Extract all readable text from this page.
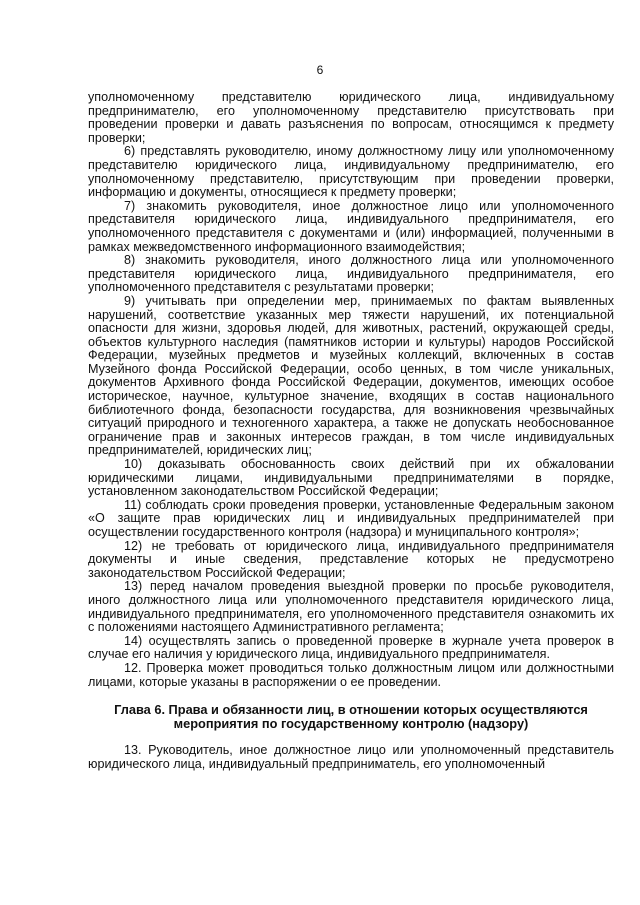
6

уполномоченному представителю юридического лица, индивидуальному предпринимателю, его уполномоченному представителю присутствовать при проведении проверки и давать разъяснения по вопросам, относящимся к предмету проверки;

6) представлять руководителю, иному должностному лицу или уполномоченному представителю юридического лица, индивидуальному предпринимателю, его уполномоченному представителю, присутствующим при проведении проверки, информацию и документы, относящиеся к предмету проверки;

7) знакомить руководителя, иное должностное лицо или уполномоченного представителя юридического лица, индивидуального предпринимателя, его уполномоченного представителя с документами и (или) информацией, полученными в рамках межведомственного информационного взаимодействия;

8) знакомить руководителя, иного должностного лица или уполномоченного представителя юридического лица, индивидуального предпринимателя, его уполномоченного представителя с результатами проверки;

9) учитывать при определении мер, принимаемых по фактам выявленных нарушений, соответствие указанных мер тяжести нарушений, их потенциальной опасности для жизни, здоровья людей, для животных, растений, окружающей среды, объектов культурного наследия (памятников истории и культуры) народов Российской Федерации, музейных предметов и музейных коллекций, включенных в состав Музейного фонда Российской Федерации, особо ценных, в том числе уникальных, документов Архивного фонда Российской Федерации, документов, имеющих особое историческое, научное, культурное значение, входящих в состав национального библиотечного фонда, безопасности государства, для возникновения чрезвычайных ситуаций природного и техногенного характера, а также не допускать необоснованное ограничение прав и законных интересов граждан, в том числе индивидуальных предпринимателей, юридических лиц;

10) доказывать обоснованность своих действий при их обжаловании юридическими лицами, индивидуальными предпринимателями в порядке, установленном законодательством Российской Федерации;

11) соблюдать сроки проведения проверки, установленные Федеральным законом «О защите прав юридических лиц и индивидуальных предпринимателей при осуществлении государственного контроля (надзора) и муниципального контроля»;

12) не требовать от юридического лица, индивидуального предпринимателя документы и иные сведения, представление которых не предусмотрено законодательством Российской Федерации;

13) перед началом проведения выездной проверки по просьбе руководителя, иного должностного лица или уполномоченного представителя юридического лица, индивидуального предпринимателя, его уполномоченного представителя ознакомить их с положениями настоящего Административного регламента;

14) осуществлять запись о проведенной проверке в журнале учета проверок в случае его наличия у юридического лица, индивидуального предпринимателя.

12. Проверка может проводиться только должностным лицом или должностными лицами, которые указаны в распоряжении о ее проведении.

Глава 6. Права и обязанности лиц, в отношении которых осуществляются мероприятия по государственному контролю (надзору)

13. Руководитель, иное должностное лицо или уполномоченный представитель юридического лица, индивидуальный предприниматель, его уполномоченный
